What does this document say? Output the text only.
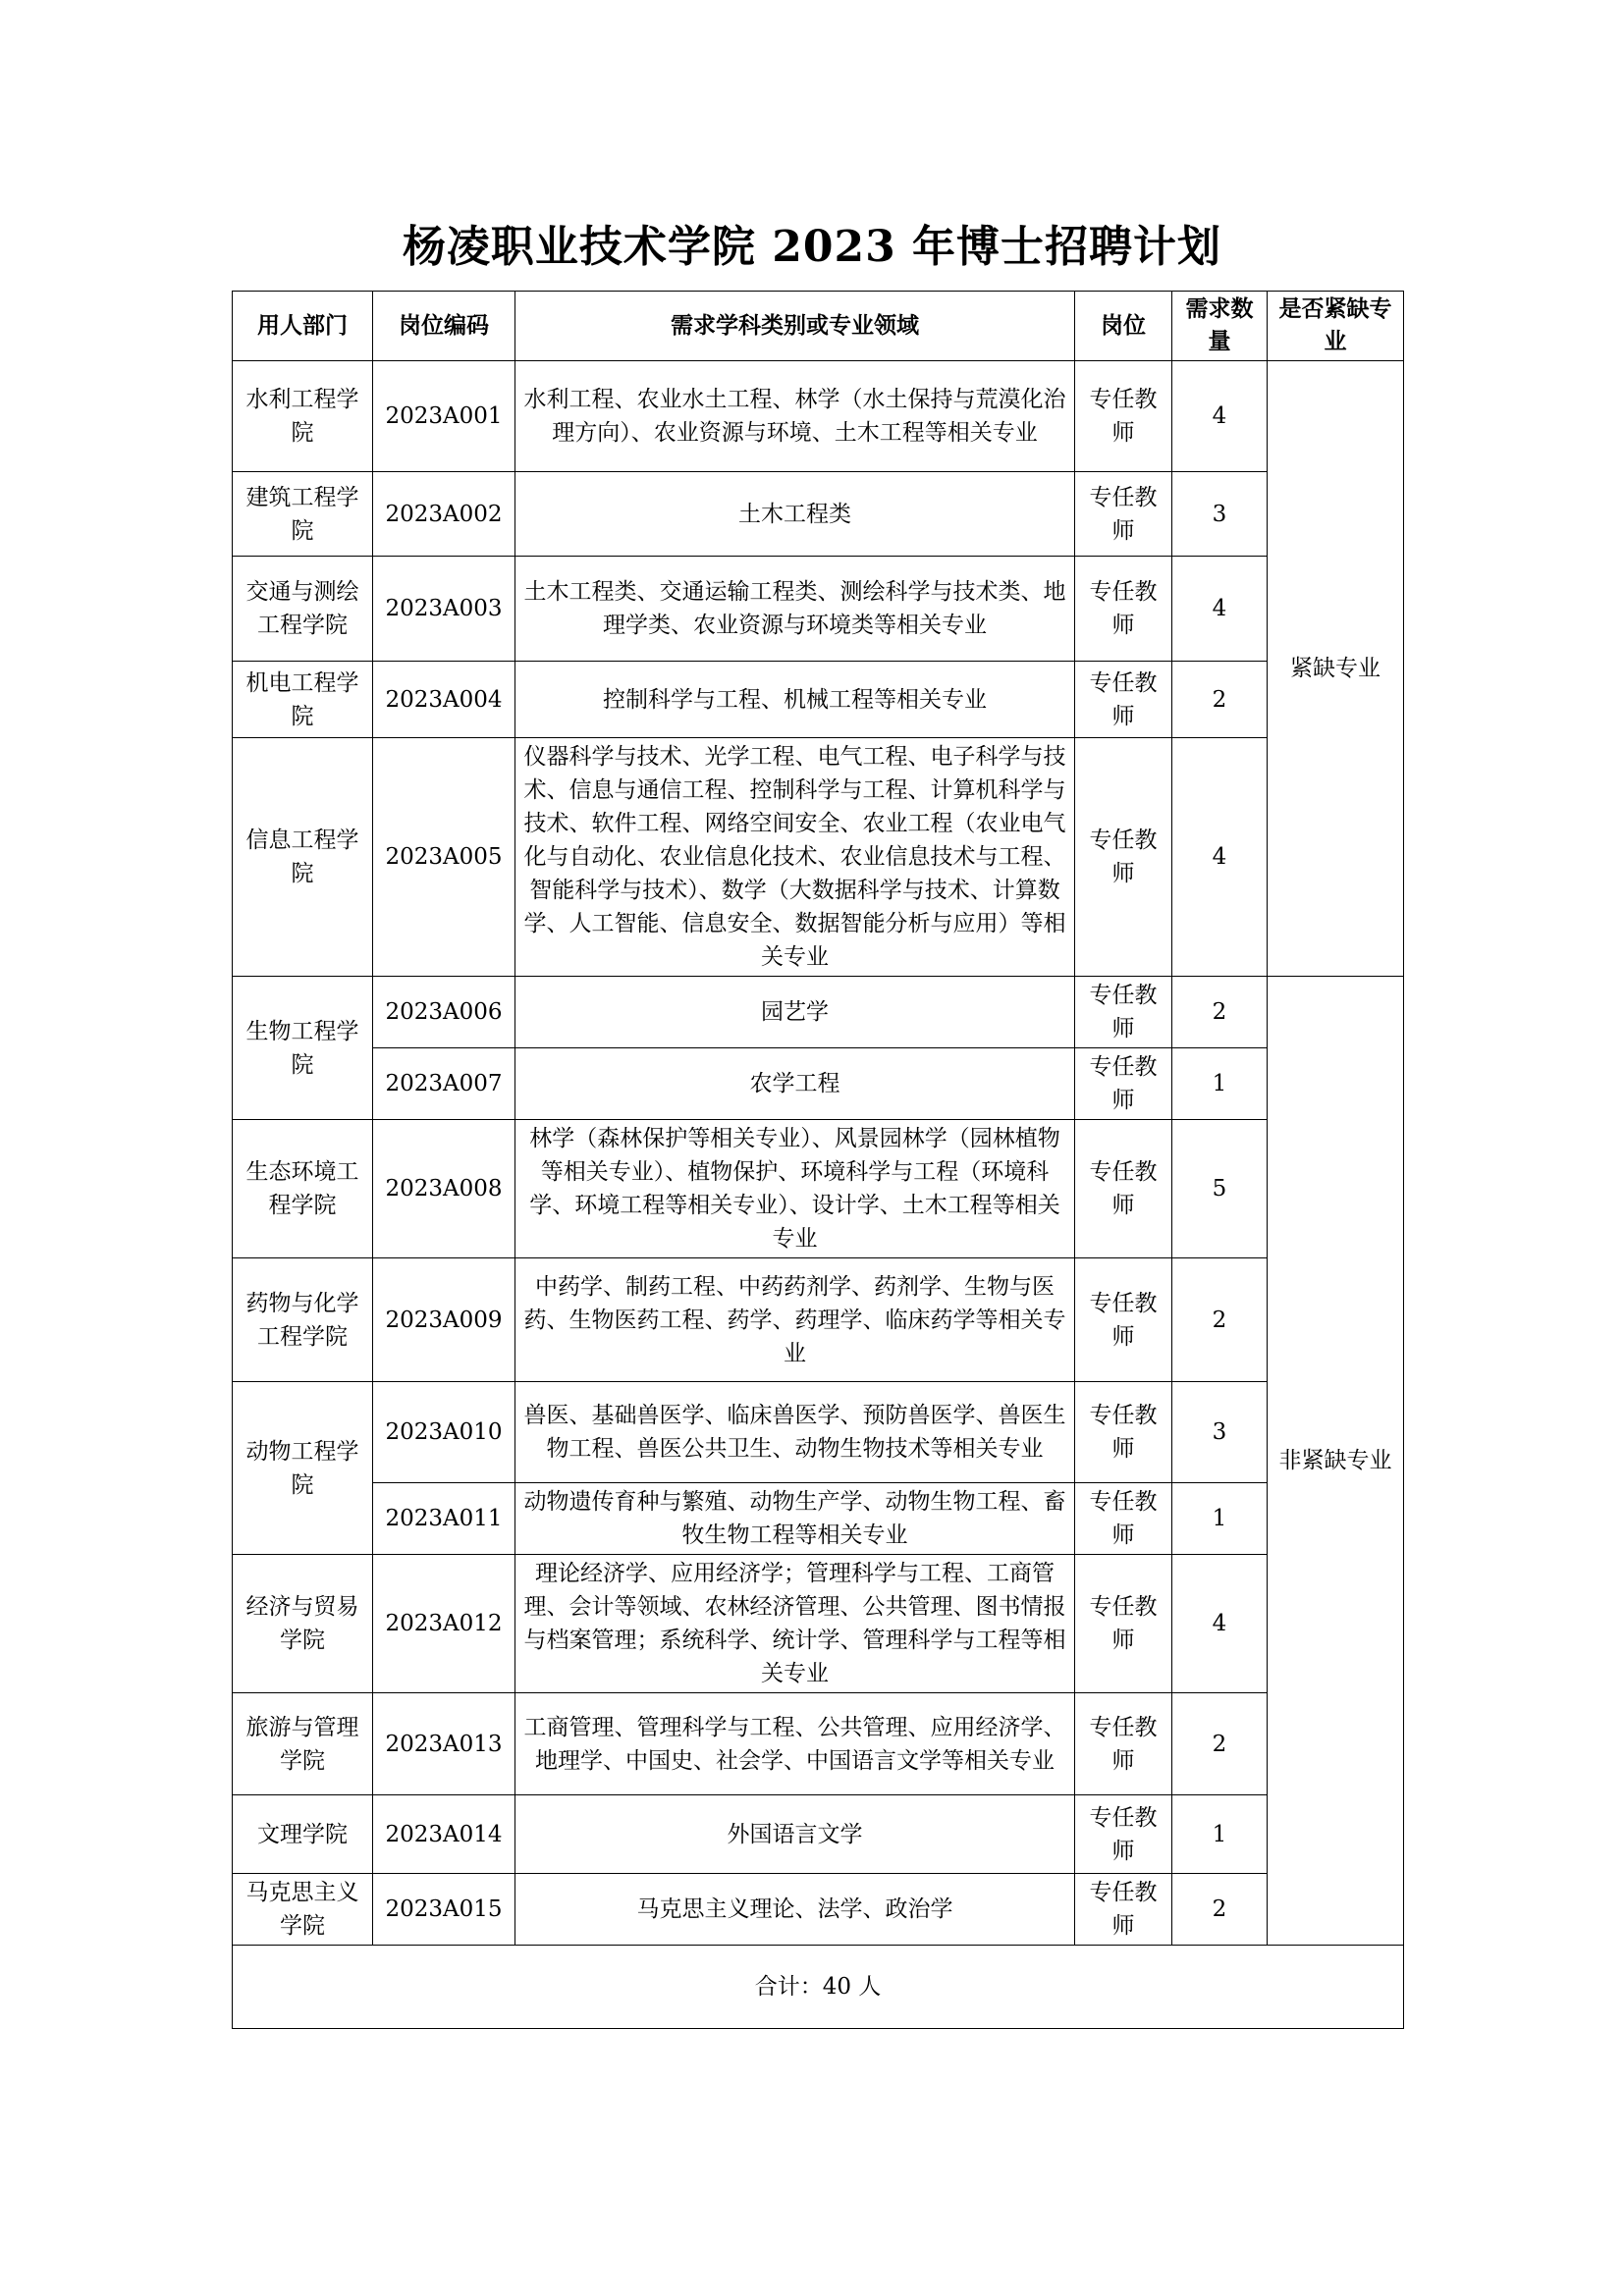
杨凌职业技术学院 2023 年博士招聘计划
用人部门	岗位编码	需求学科类别或专业领域	岗位	需求数量	是否紧缺专业
水利工程学院	2023A001	水利工程、农业水土工程、林学（水土保持与荒漠化治理方向）、农业资源与环境、土木工程等相关专业	专任教师	4	紧缺专业
建筑工程学院	2023A002	土木工程类	专任教师	3	
交通与测绘工程学院	2023A003	土木工程类、交通运输工程类、测绘科学与技术类、地理学类、农业资源与环境类等相关专业	专任教师	4	
机电工程学院	2023A004	控制科学与工程、机械工程等相关专业	专任教师	2	
信息工程学院	2023A005	仪器科学与技术、光学工程、电气工程、电子科学与技术、信息与通信工程、控制科学与工程、计算机科学与技术、软件工程、网络空间安全、农业工程（农业电气化与自动化、农业信息化技术、农业信息技术与工程、智能科学与技术）、数学（大数据科学与技术、计算数学、人工智能、信息安全、数据智能分析与应用）等相关专业	专任教师	4	
生物工程学院	2023A006	园艺学	专任教师	2	非紧缺专业
	2023A007	农学工程	专任教师	1	
生态环境工程学院	2023A008	林学（森林保护等相关专业）、风景园林学（园林植物等相关专业）、植物保护、环境科学与工程（环境科学、环境工程等相关专业）、设计学、土木工程等相关专业	专任教师	5	
药物与化学工程学院	2023A009	中药学、制药工程、中药药剂学、药剂学、生物与医药、生物医药工程、药学、药理学、临床药学等相关专业	专任教师	2	
动物工程学院	2023A010	兽医、基础兽医学、临床兽医学、预防兽医学、兽医生物工程、兽医公共卫生、动物生物技术等相关专业	专任教师	3	
	2023A011	动物遗传育种与繁殖、动物生产学、动物生物工程、畜牧生物工程等相关专业	专任教师	1	
经济与贸易学院	2023A012	理论经济学、应用经济学；管理科学与工程、工商管理、会计等领域、农林经济管理、公共管理、图书情报与档案管理；系统科学、统计学、管理科学与工程等相关专业	专任教师	4	
旅游与管理学院	2023A013	工商管理、管理科学与工程、公共管理、应用经济学、地理学、中国史、社会学、中国语言文学等相关专业	专任教师	2	
文理学院	2023A014	外国语言文学	专任教师	1	
马克思主义学院	2023A015	马克思主义理论、法学、政治学	专任教师	2	
合计：40 人					
